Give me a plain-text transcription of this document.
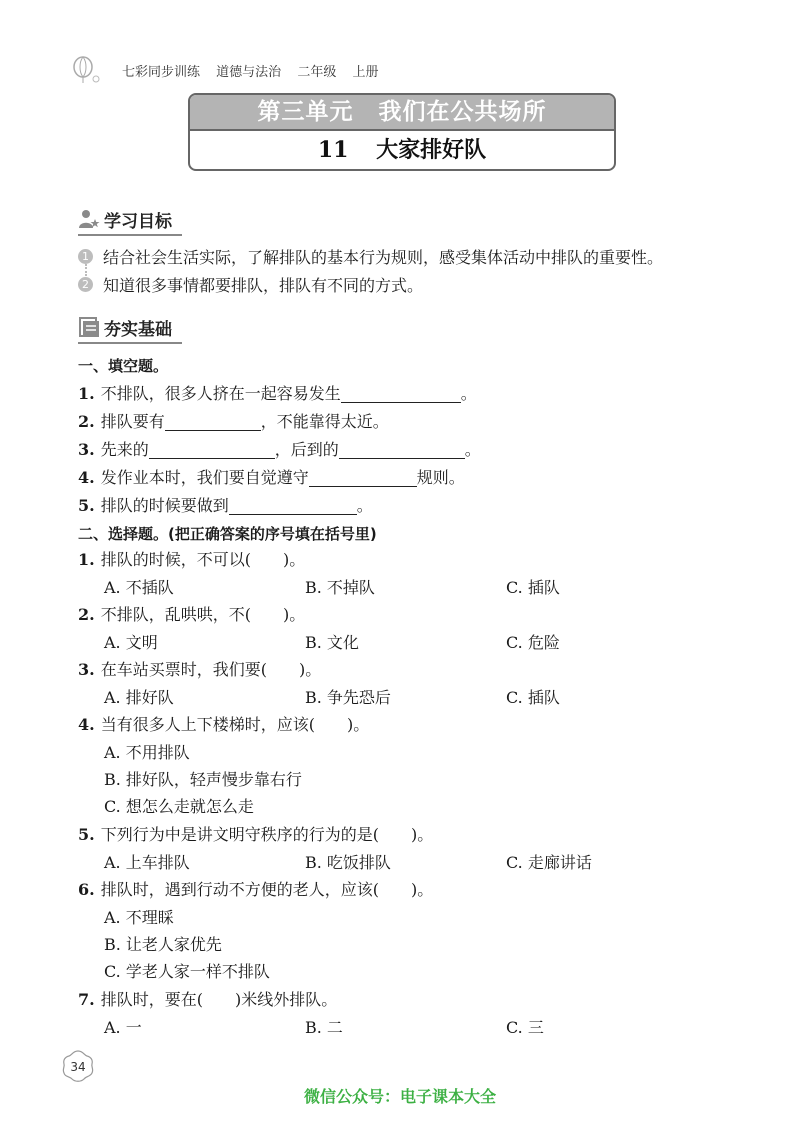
七彩同步训练 道德与法治 二年级 上册
第三单元 我们在公共场所
11 大家排好队
学习目标
1 结合社会生活实际，了解排队的基本行为规则，感受集体活动中排队的重要性。
2 知道很多事情都要排队，排队有不同的方式。
夯实基础
一、填空题。
1. 不排队，很多人挤在一起容易发生	。
2. 排队要有	，不能靠得太近。
3. 先来的	，后到的	。
4. 发作业本时，我们要自觉遵守	规则。
5. 排队的时候要做到	。
二、选择题。(把正确答案的序号填在括号里)
1. 排队的时候，不可以(　　)。
A. 不插队	B. 不掉队	C. 插队
2. 不排队，乱哄哄，不(　　)。
A. 文明	B. 文化	C. 危险
3. 在车站买票时，我们要(　　)。
A. 排好队	B. 争先恐后	C. 插队
4. 当有很多人上下楼梯时，应该(　　)。
A. 不用排队
B. 排好队，轻声慢步靠右行
C. 想怎么走就怎么走
5. 下列行为中是讲文明守秩序的行为的是(　　)。
A. 上车排队	B. 吃饭排队	C. 走廊讲话
6. 排队时，遇到行动不方便的老人，应该(　　)。
A. 不理睬
B. 让老人家优先
C. 学老人家一样不排队
7. 排队时，要在(　　)米线外排队。
A. 一	B. 二	C. 三
34
微信公众号：电子课本大全
